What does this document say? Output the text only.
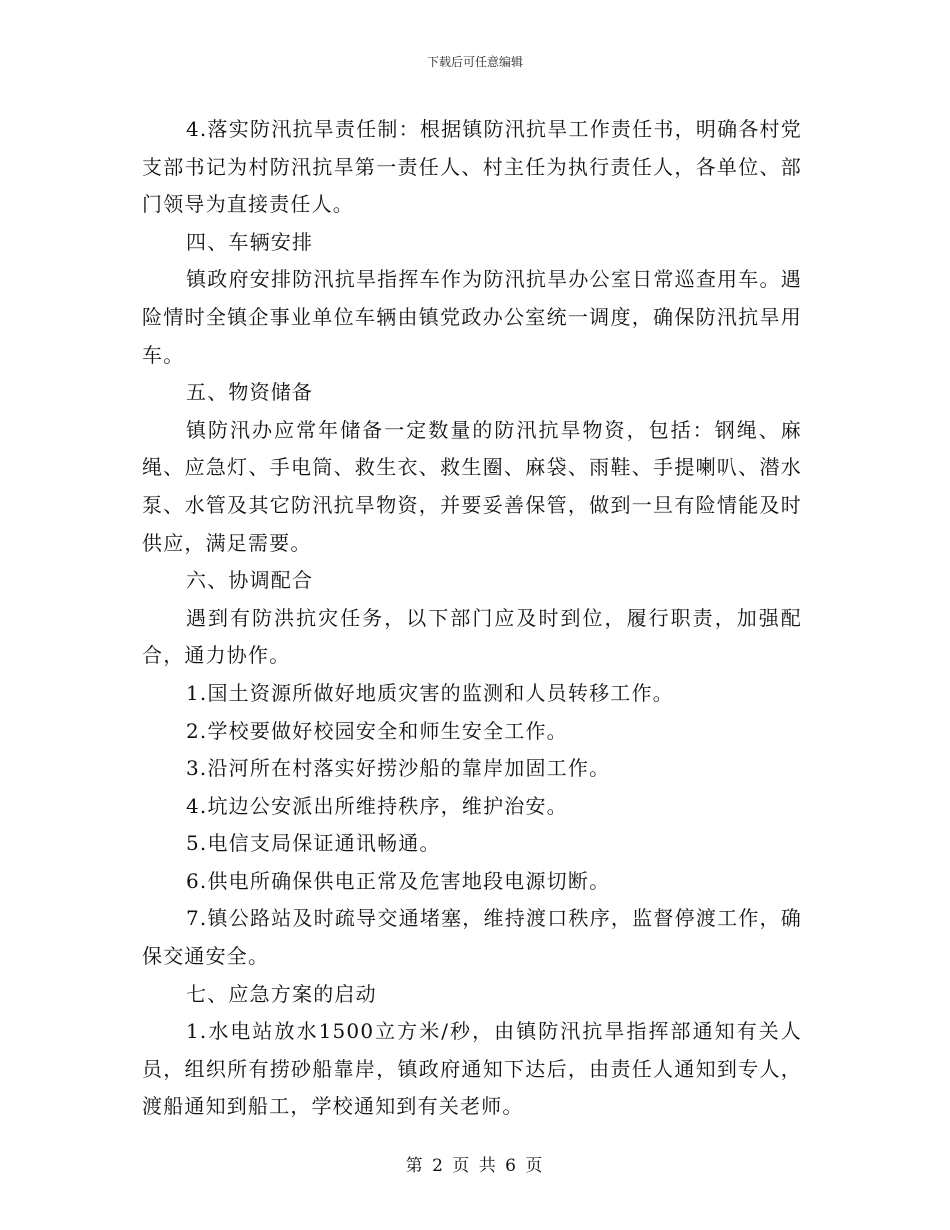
下载后可任意编辑

4.落实防汛抗旱责任制：根据镇防汛抗旱工作责任书，明确各村党支部书记为村防汛抗旱第一责任人、村主任为执行责任人，各单位、部门领导为直接责任人。

四、车辆安排

镇政府安排防汛抗旱指挥车作为防汛抗旱办公室日常巡查用车。遇险情时全镇企事业单位车辆由镇党政办公室统一调度，确保防汛抗旱用车。

五、物资储备

镇防汛办应常年储备一定数量的防汛抗旱物资，包括：钢绳、麻绳、应急灯、手电筒、救生衣、救生圈、麻袋、雨鞋、手提喇叭、潜水泵、水管及其它防汛抗旱物资，并要妥善保管，做到一旦有险情能及时供应，满足需要。

六、协调配合

遇到有防洪抗灾任务，以下部门应及时到位，履行职责，加强配合，通力协作。

1.国土资源所做好地质灾害的监测和人员转移工作。

2.学校要做好校园安全和师生安全工作。

3.沿河所在村落实好捞沙船的靠岸加固工作。

4.坑边公安派出所维持秩序，维护治安。

5.电信支局保证通讯畅通。

6.供电所确保供电正常及危害地段电源切断。

7.镇公路站及时疏导交通堵塞，维持渡口秩序，监督停渡工作，确保交通安全。

七、应急方案的启动

1.水电站放水1500立方米/秒，由镇防汛抗旱指挥部通知有关人员，组织所有捞砂船靠岸，镇政府通知下达后，由责任人通知到专人，渡船通知到船工，学校通知到有关老师。

第 2 页 共 6 页
